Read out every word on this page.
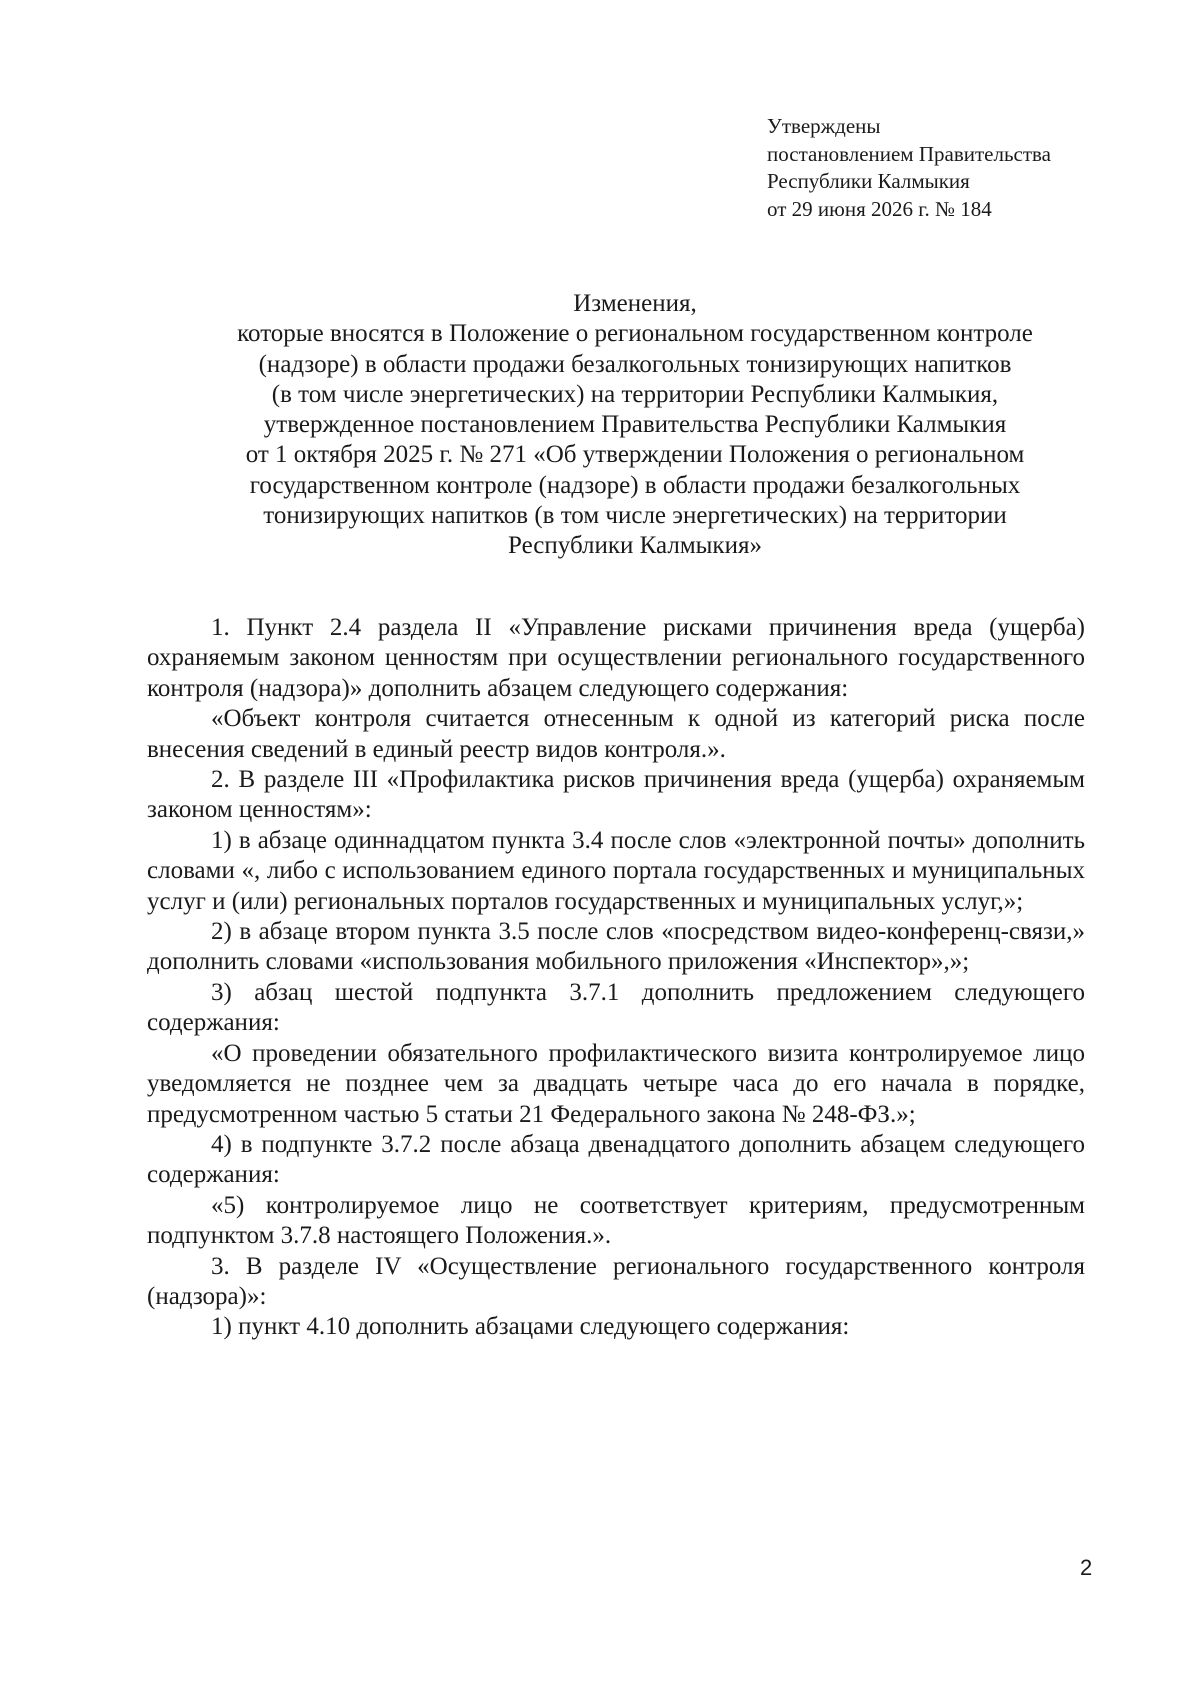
Утверждены
постановлением Правительства
Республики Калмыкия
от 29 июня 2026 г. № 184
Изменения,
которые вносятся в Положение о региональном государственном контроле
(надзоре) в области продажи безалкогольных тонизирующих напитков
(в том числе энергетических) на территории Республики Калмыкия,
утвержденное постановлением Правительства Республики Калмыкия
от 1 октября 2025 г. № 271 «Об утверждении Положения о региональном
государственном контроле (надзоре) в области продажи безалкогольных
тонизирующих напитков (в том числе энергетических) на территории
Республики Калмыкия»

1. Пункт 2.4 раздела II «Управление рисками причинения вреда (ущерба) охраняемым законом ценностям при осуществлении регионального государственного контроля (надзора)» дополнить абзацем следующего содержания:

«Объект контроля считается отнесенным к одной из категорий риска после внесения сведений в единый реестр видов контроля.».

2. В разделе III «Профилактика рисков причинения вреда (ущерба) охраняемым законом ценностям»:

1) в абзаце одиннадцатом пункта 3.4 после слов «электронной почты» дополнить словами «, либо с использованием единого портала государственных и муниципальных услуг и (или) региональных порталов государственных и муниципальных услуг,»;

2) в абзаце втором пункта 3.5 после слов «посредством видео-конференц-связи,» дополнить словами «использования мобильного приложения «Инспектор»,»;

3) абзац шестой подпункта 3.7.1 дополнить предложением следующего содержания:

«О проведении обязательного профилактического визита контролируемое лицо уведомляется не позднее чем за двадцать четыре часа до его начала в порядке, предусмотренном частью 5 статьи 21 Федерального закона № 248-ФЗ.»;

4) в подпункте 3.7.2 после абзаца двенадцатого дополнить абзацем следующего содержания:

«5) контролируемое лицо не соответствует критериям, предусмотренным подпунктом 3.7.8 настоящего Положения.».

3. В разделе IV «Осуществление регионального государственного контроля (надзора)»:

1) пункт 4.10 дополнить абзацами следующего содержания:

2
